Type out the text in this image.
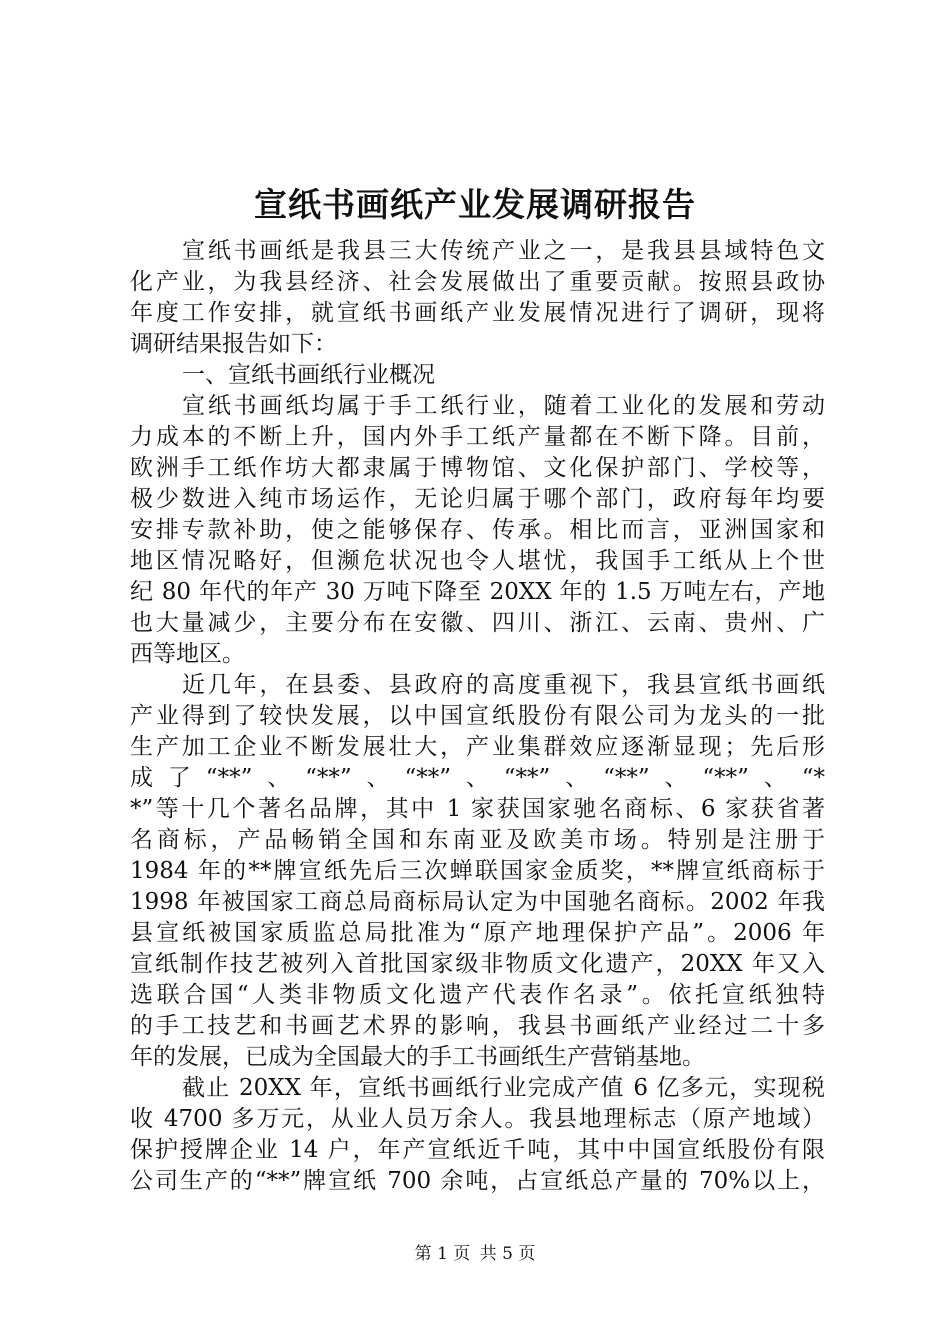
宣纸书画纸产业发展调研报告
宣纸书画纸是我县三大传统产业之一，是我县县域特色文
化产业，为我县经济、社会发展做出了重要贡献。按照县政协
年度工作安排，就宣纸书画纸产业发展情况进行了调研，现将
调研结果报告如下：
一、宣纸书画纸行业概况
宣纸书画纸均属于手工纸行业，随着工业化的发展和劳动
力成本的不断上升，国内外手工纸产量都在不断下降。目前，
欧洲手工纸作坊大都隶属于博物馆、文化保护部门、学校等，
极少数进入纯市场运作，无论归属于哪个部门，政府每年均要
安排专款补助，使之能够保存、传承。相比而言，亚洲国家和
地区情况略好，但濒危状况也令人堪忧，我国手工纸从上个世
纪 80 年代的年产 30 万吨下降至 20XX 年的 1.5 万吨左右，产地
也大量减少，主要分布在安徽、四川、浙江、云南、贵州、广
西等地区。
近几年，在县委、县政府的高度重视下，我县宣纸书画纸
产业得到了较快发展，以中国宣纸股份有限公司为龙头的一批
生产加工企业不断发展壮大，产业集群效应逐渐显现；先后形
成了“**”、“**”、“**”、“**”、“**”、“**”、“*
*”等十几个著名品牌，其中 1 家获国家驰名商标、6 家获省著
名商标，产品畅销全国和东南亚及欧美市场。特别是注册于
1984 年的**牌宣纸先后三次蝉联国家金质奖，**牌宣纸商标于
1998 年被国家工商总局商标局认定为中国驰名商标。2002 年我
县宣纸被国家质监总局批准为“原产地理保护产品”。2006 年
宣纸制作技艺被列入首批国家级非物质文化遗产，20XX 年又入
选联合国“人类非物质文化遗产代表作名录”。依托宣纸独特
的手工技艺和书画艺术界的影响，我县书画纸产业经过二十多
年的发展，已成为全国最大的手工书画纸生产营销基地。
截止 20XX 年，宣纸书画纸行业完成产值 6 亿多元，实现税
收 4700 多万元，从业人员万余人。我县地理标志（原产地域）
保护授牌企业 14 户，年产宣纸近千吨，其中中国宣纸股份有限
公司生产的“**”牌宣纸 700 余吨，占宣纸总产量的 70%以上，
第 1 页 共 5 页
